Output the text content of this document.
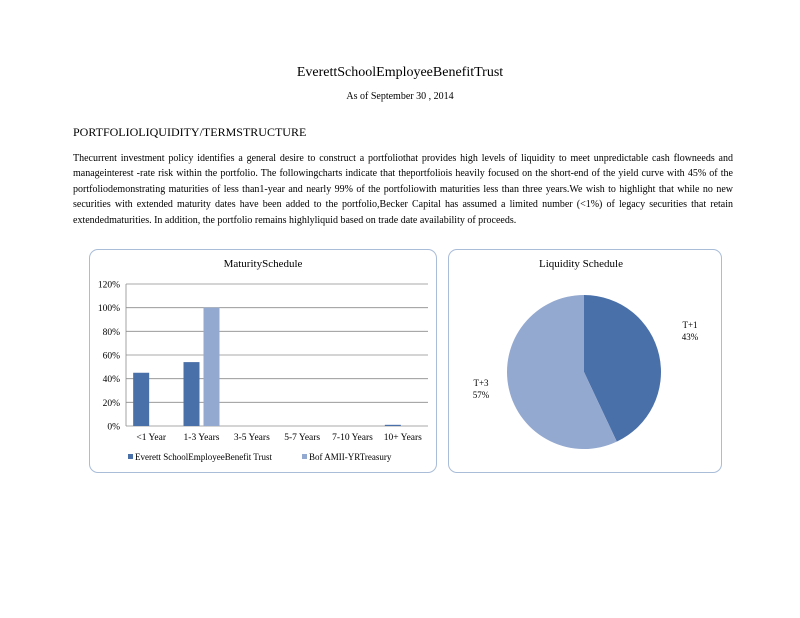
EverettSchoolEmployeeBenefitTrust
As of September 30 , 2014
PORTFOLIOLIQUIDITY/TERMSTRUCTURE
Thecurrent investment policy identifies a general desire to construct a portfoliothat provides high levels of liquidity to meet unpredictable cash flowneeds and manageinterest -rate risk within the portfolio. The followingcharts indicate that theportfoliois heavily focused on the short-end of the yield curve with 45% of the portfoliodemonstrating maturities of less than1-year and nearly 99% of the portfoliowith maturities less than three years.We wish to highlight that while no new securities with extended maturity dates have been added to the portfolio,Becker Capital has assumed a limited number (<1%) of legacy securities that retain extendedmaturities. In addition, the portfolio remains highlyliquid based on trade date availability of proceeds.
MaturitySchedule
0%
20%
40%
60%
80%
100%
120%
<1 Year 1-3 Years 3-5 Years 5-7 Years 7-10 Years 10+ Years
Everett SchoolEmployeeBenefit Trust	Bof AMII-YRTreasury
Liquidity Schedule
T+1
43%
T+3
57%
